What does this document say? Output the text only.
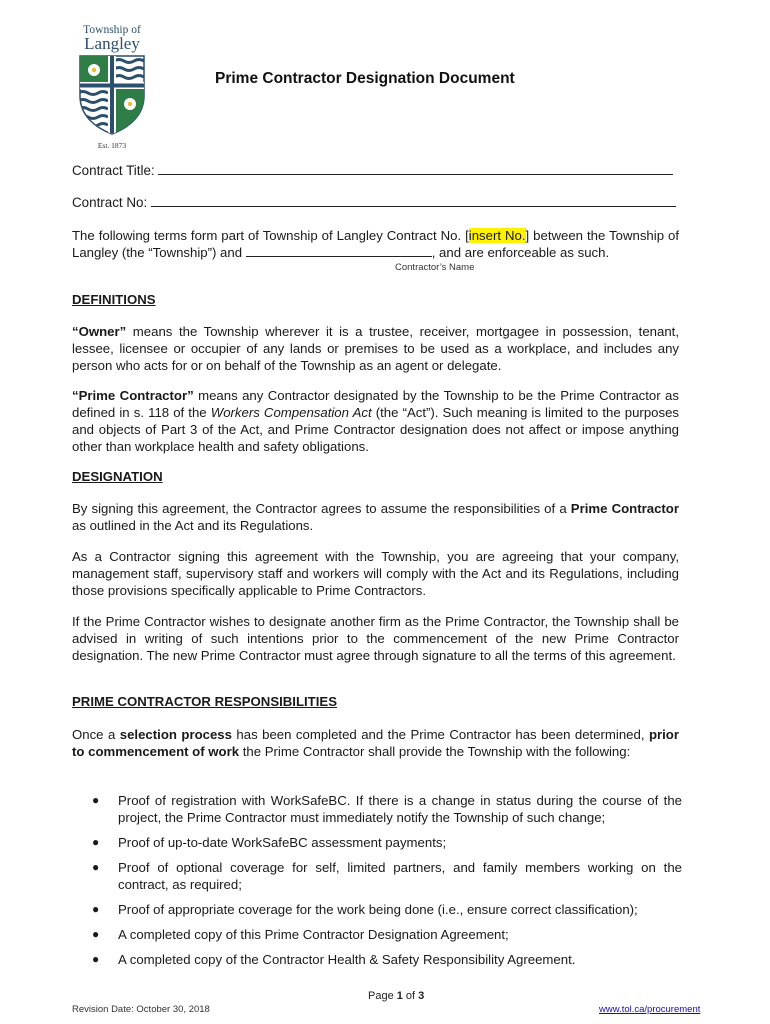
Township of
Langley
Est. 1873
Prime Contractor Designation Document
Contract Title:
Contract No:
The following terms form part of Township of Langley Contract No. [insert No.] between the Township of Langley (the “Township”) and	, and are enforceable as such.
Contractor’s Name
DEFINITIONS
“Owner” means the Township wherever it is a trustee, receiver, mortgagee in possession, tenant, lessee, licensee or occupier of any lands or premises to be used as a workplace, and includes any person who acts for or on behalf of the Township as an agent or delegate.
“Prime Contractor” means any Contractor designated by the Township to be the Prime Contractor as defined in s. 118 of the Workers Compensation Act (the “Act”). Such meaning is limited to the purposes and objects of Part 3 of the Act, and Prime Contractor designation does not affect or impose anything other than workplace health and safety obligations.
DESIGNATION
By signing this agreement, the Contractor agrees to assume the responsibilities of a Prime Contractor as outlined in the Act and its Regulations.
As a Contractor signing this agreement with the Township, you are agreeing that your company, management staff, supervisory staff and workers will comply with the Act and its Regulations, including those provisions specifically applicable to Prime Contractors.
If the Prime Contractor wishes to designate another firm as the Prime Contractor, the Township shall be advised in writing of such intentions prior to the commencement of the new Prime Contractor designation. The new Prime Contractor must agree through signature to all the terms of this agreement.
PRIME CONTRACTOR RESPONSIBILITIES
Once a selection process has been completed and the Prime Contractor has been determined, prior to commencement of work the Prime Contractor shall provide the Township with the following:
● Proof of registration with WorkSafeBC. If there is a change in status during the course of the project, the Prime Contractor must immediately notify the Township of such change;
● Proof of up-to-date WorkSafeBC assessment payments;
● Proof of optional coverage for self, limited partners, and family members working on the contract, as required;
● Proof of appropriate coverage for the work being done (i.e., ensure correct classification);
● A completed copy of this Prime Contractor Designation Agreement;
● A completed copy of the Contractor Health & Safety Responsibility Agreement.
Page 1 of 3
Revision Date: October 30, 2018	www.tol.ca/procurement
